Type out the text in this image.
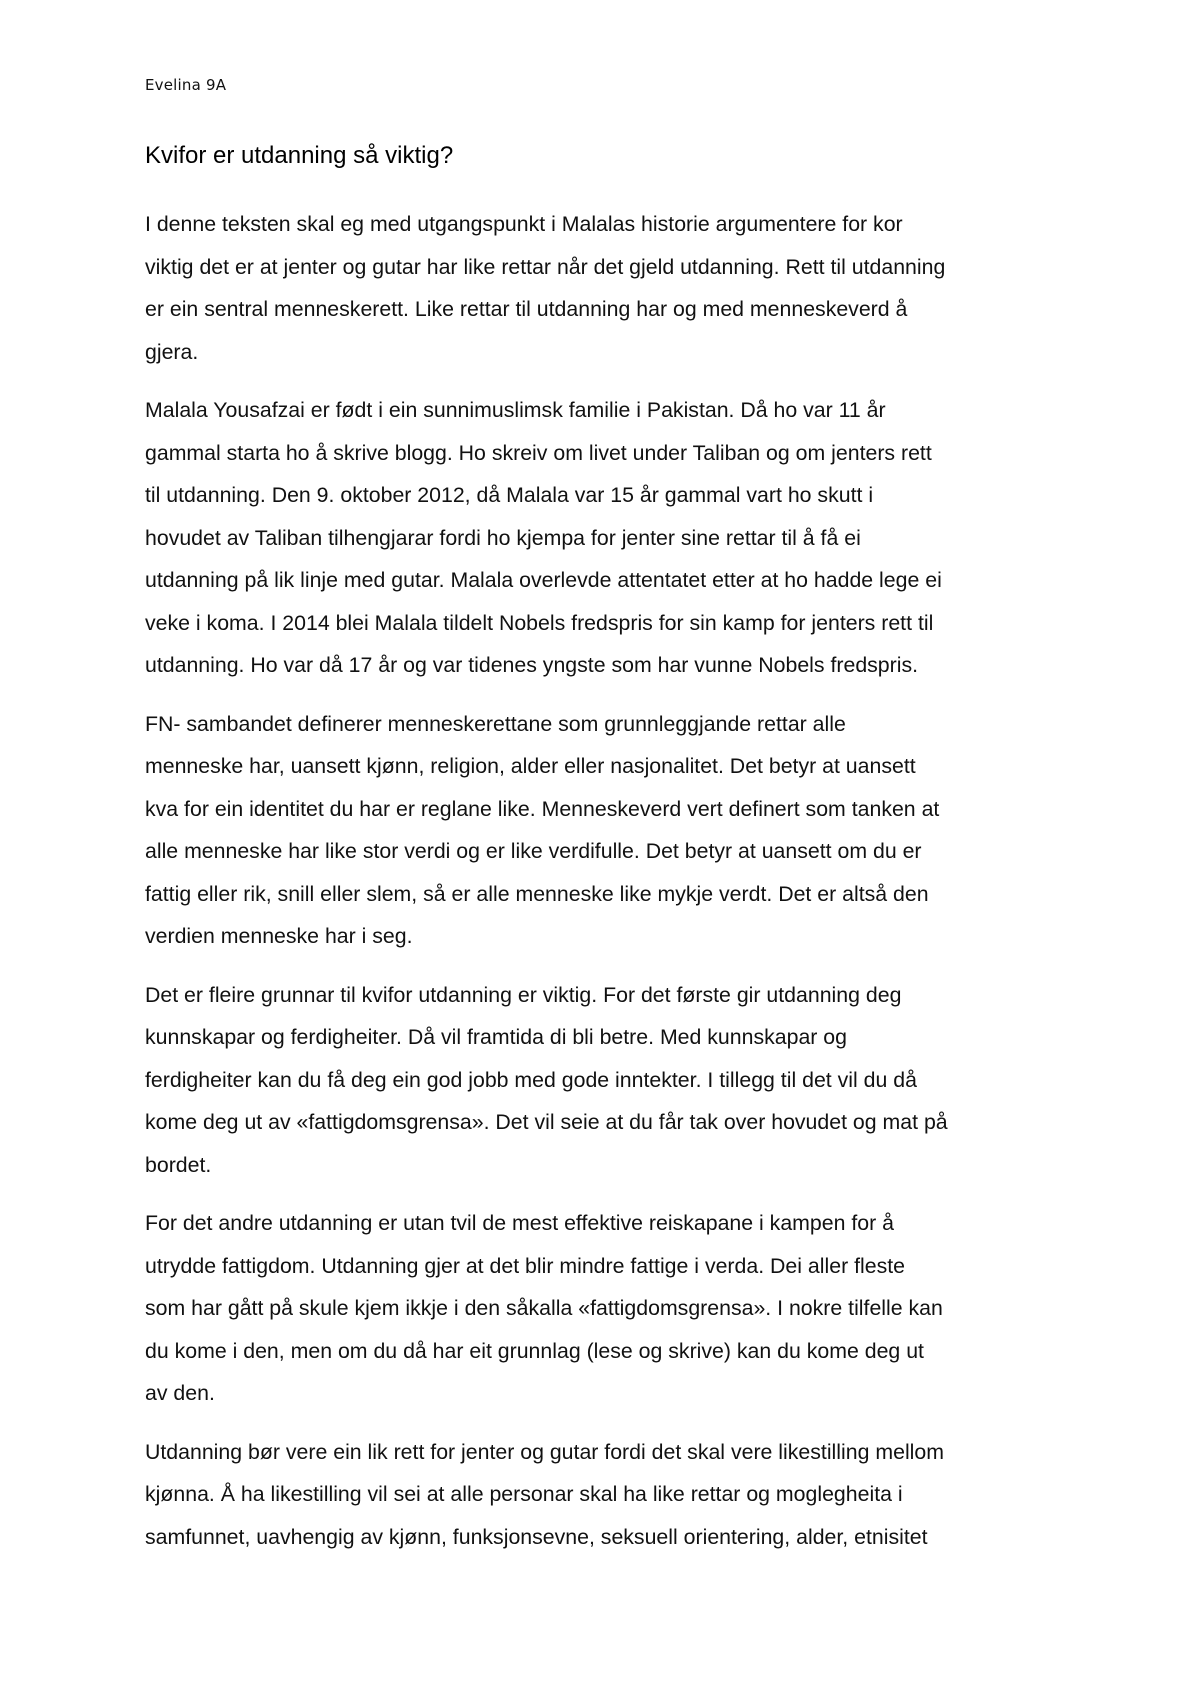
Evelina 9A
Kvifor er utdanning så viktig?
I denne teksten skal eg med utgangspunkt i Malalas historie argumentere for kor
viktig det er at jenter og gutar har like rettar når det gjeld utdanning. Rett til utdanning
er ein sentral menneskerett. Like rettar til utdanning har og med menneskeverd å
gjera.
Malala Yousafzai er født i ein sunnimuslimsk familie i Pakistan. Då ho var 11 år
gammal starta ho å skrive blogg. Ho skreiv om livet under Taliban og om jenters rett
til utdanning. Den 9. oktober 2012, då Malala var 15 år gammal vart ho skutt i
hovudet av Taliban tilhengjarar fordi ho kjempa for jenter sine rettar til å få ei
utdanning på lik linje med gutar. Malala overlevde attentatet etter at ho hadde lege ei
veke i koma. I 2014 blei Malala tildelt Nobels fredspris for sin kamp for jenters rett til
utdanning. Ho var då 17 år og var tidenes yngste som har vunne Nobels fredspris.
FN- sambandet definerer menneskerettane som grunnleggjande rettar alle
menneske har, uansett kjønn, religion, alder eller nasjonalitet. Det betyr at uansett
kva for ein identitet du har er reglane like. Menneskeverd vert definert som tanken at
alle menneske har like stor verdi og er like verdifulle. Det betyr at uansett om du er
fattig eller rik, snill eller slem, så er alle menneske like mykje verdt. Det er altså den
verdien menneske har i seg.
Det er fleire grunnar til kvifor utdanning er viktig. For det første gir utdanning deg
kunnskapar og ferdigheiter. Då vil framtida di bli betre. Med kunnskapar og
ferdigheiter kan du få deg ein god jobb med gode inntekter. I tillegg til det vil du då
kome deg ut av «fattigdomsgrensa». Det vil seie at du får tak over hovudet og mat på
bordet.
For det andre utdanning er utan tvil de mest effektive reiskapane i kampen for å
utrydde fattigdom. Utdanning gjer at det blir mindre fattige i verda. Dei aller fleste
som har gått på skule kjem ikkje i den såkalla «fattigdomsgrensa». I nokre tilfelle kan
du kome i den, men om du då har eit grunnlag (lese og skrive) kan du kome deg ut
av den.
Utdanning bør vere ein lik rett for jenter og gutar fordi det skal vere likestilling mellom
kjønna. Å ha likestilling vil sei at alle personar skal ha like rettar og moglegheita i
samfunnet, uavhengig av kjønn, funksjonsevne, seksuell orientering, alder, etnisitet
